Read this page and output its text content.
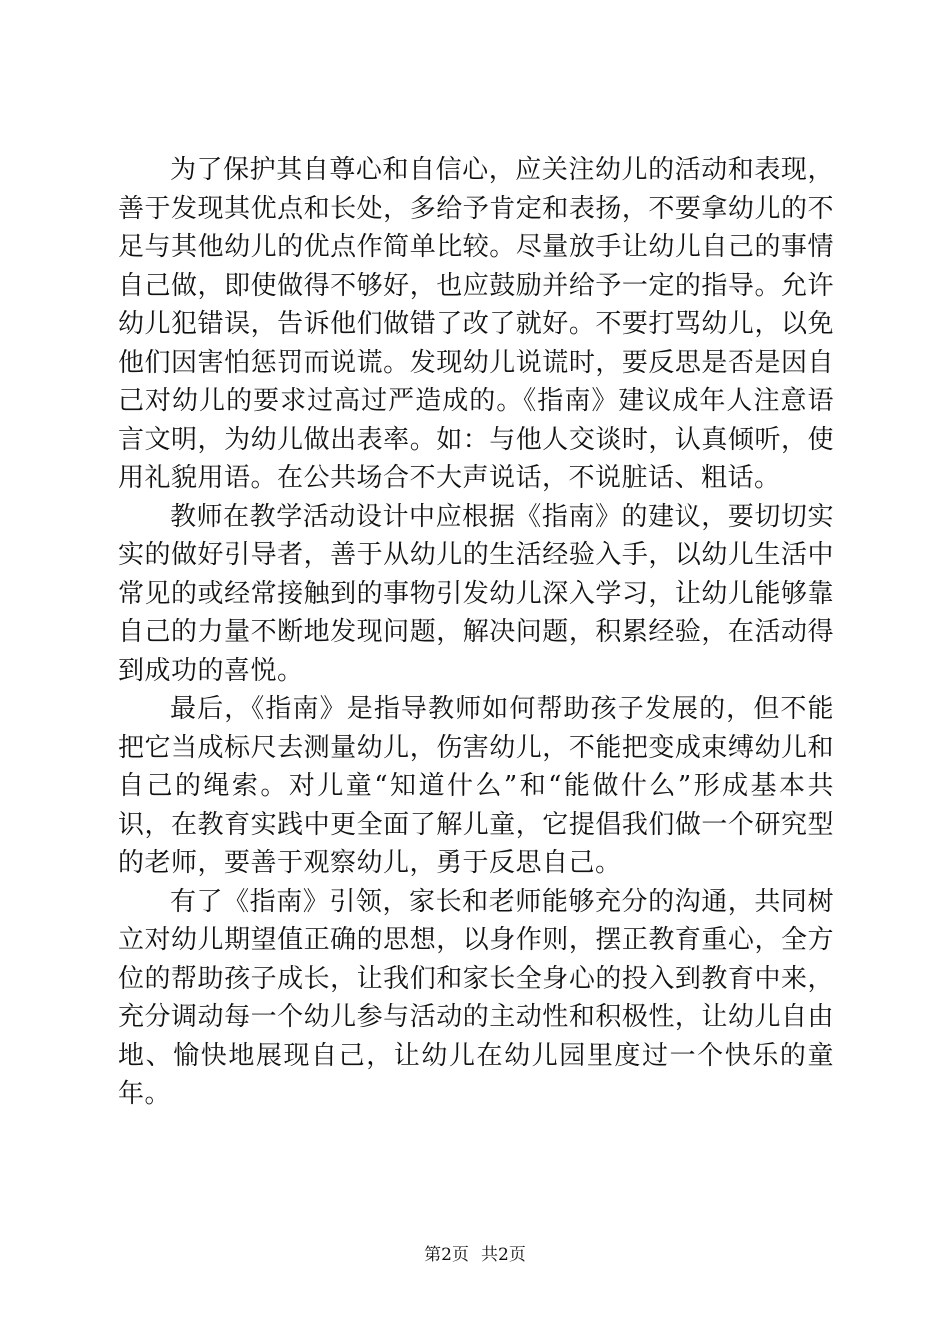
为了保护其自尊心和自信心，应关注幼儿的活动和表现，善于发现其优点和长处，多给予肯定和表扬，不要拿幼儿的不足与其他幼儿的优点作简单比较。尽量放手让幼儿自己的事情自己做，即使做得不够好，也应鼓励并给予一定的指导。允许幼儿犯错误，告诉他们做错了改了就好。不要打骂幼儿，以免他们因害怕惩罚而说谎。发现幼儿说谎时，要反思是否是因自己对幼儿的要求过高过严造成的。《指南》建议成年人注意语言文明，为幼儿做出表率。如：与他人交谈时，认真倾听，使用礼貌用语。在公共场合不大声说话，不说脏话、粗话。

教师在教学活动设计中应根据《指南》的建议，要切切实实的做好引导者，善于从幼儿的生活经验入手，以幼儿生活中常见的或经常接触到的事物引发幼儿深入学习，让幼儿能够靠自己的力量不断地发现问题，解决问题，积累经验，在活动得到成功的喜悦。

最后，《指南》是指导教师如何帮助孩子发展的，但不能把它当成标尺去测量幼儿，伤害幼儿，不能把变成束缚幼儿和自己的绳索。对儿童“知道什么”和“能做什么”形成基本共识，在教育实践中更全面了解儿童，它提倡我们做一个研究型的老师，要善于观察幼儿，勇于反思自己。

有了《指南》引领，家长和老师能够充分的沟通，共同树立对幼儿期望值正确的思想，以身作则，摆正教育重心，全方位的帮助孩子成长，让我们和家长全身心的投入到教育中来，充分调动每一个幼儿参与活动的主动性和积极性，让幼儿自由地、愉快地展现自己，让幼儿在幼儿园里度过一个快乐的童年。

第2页 共2页
